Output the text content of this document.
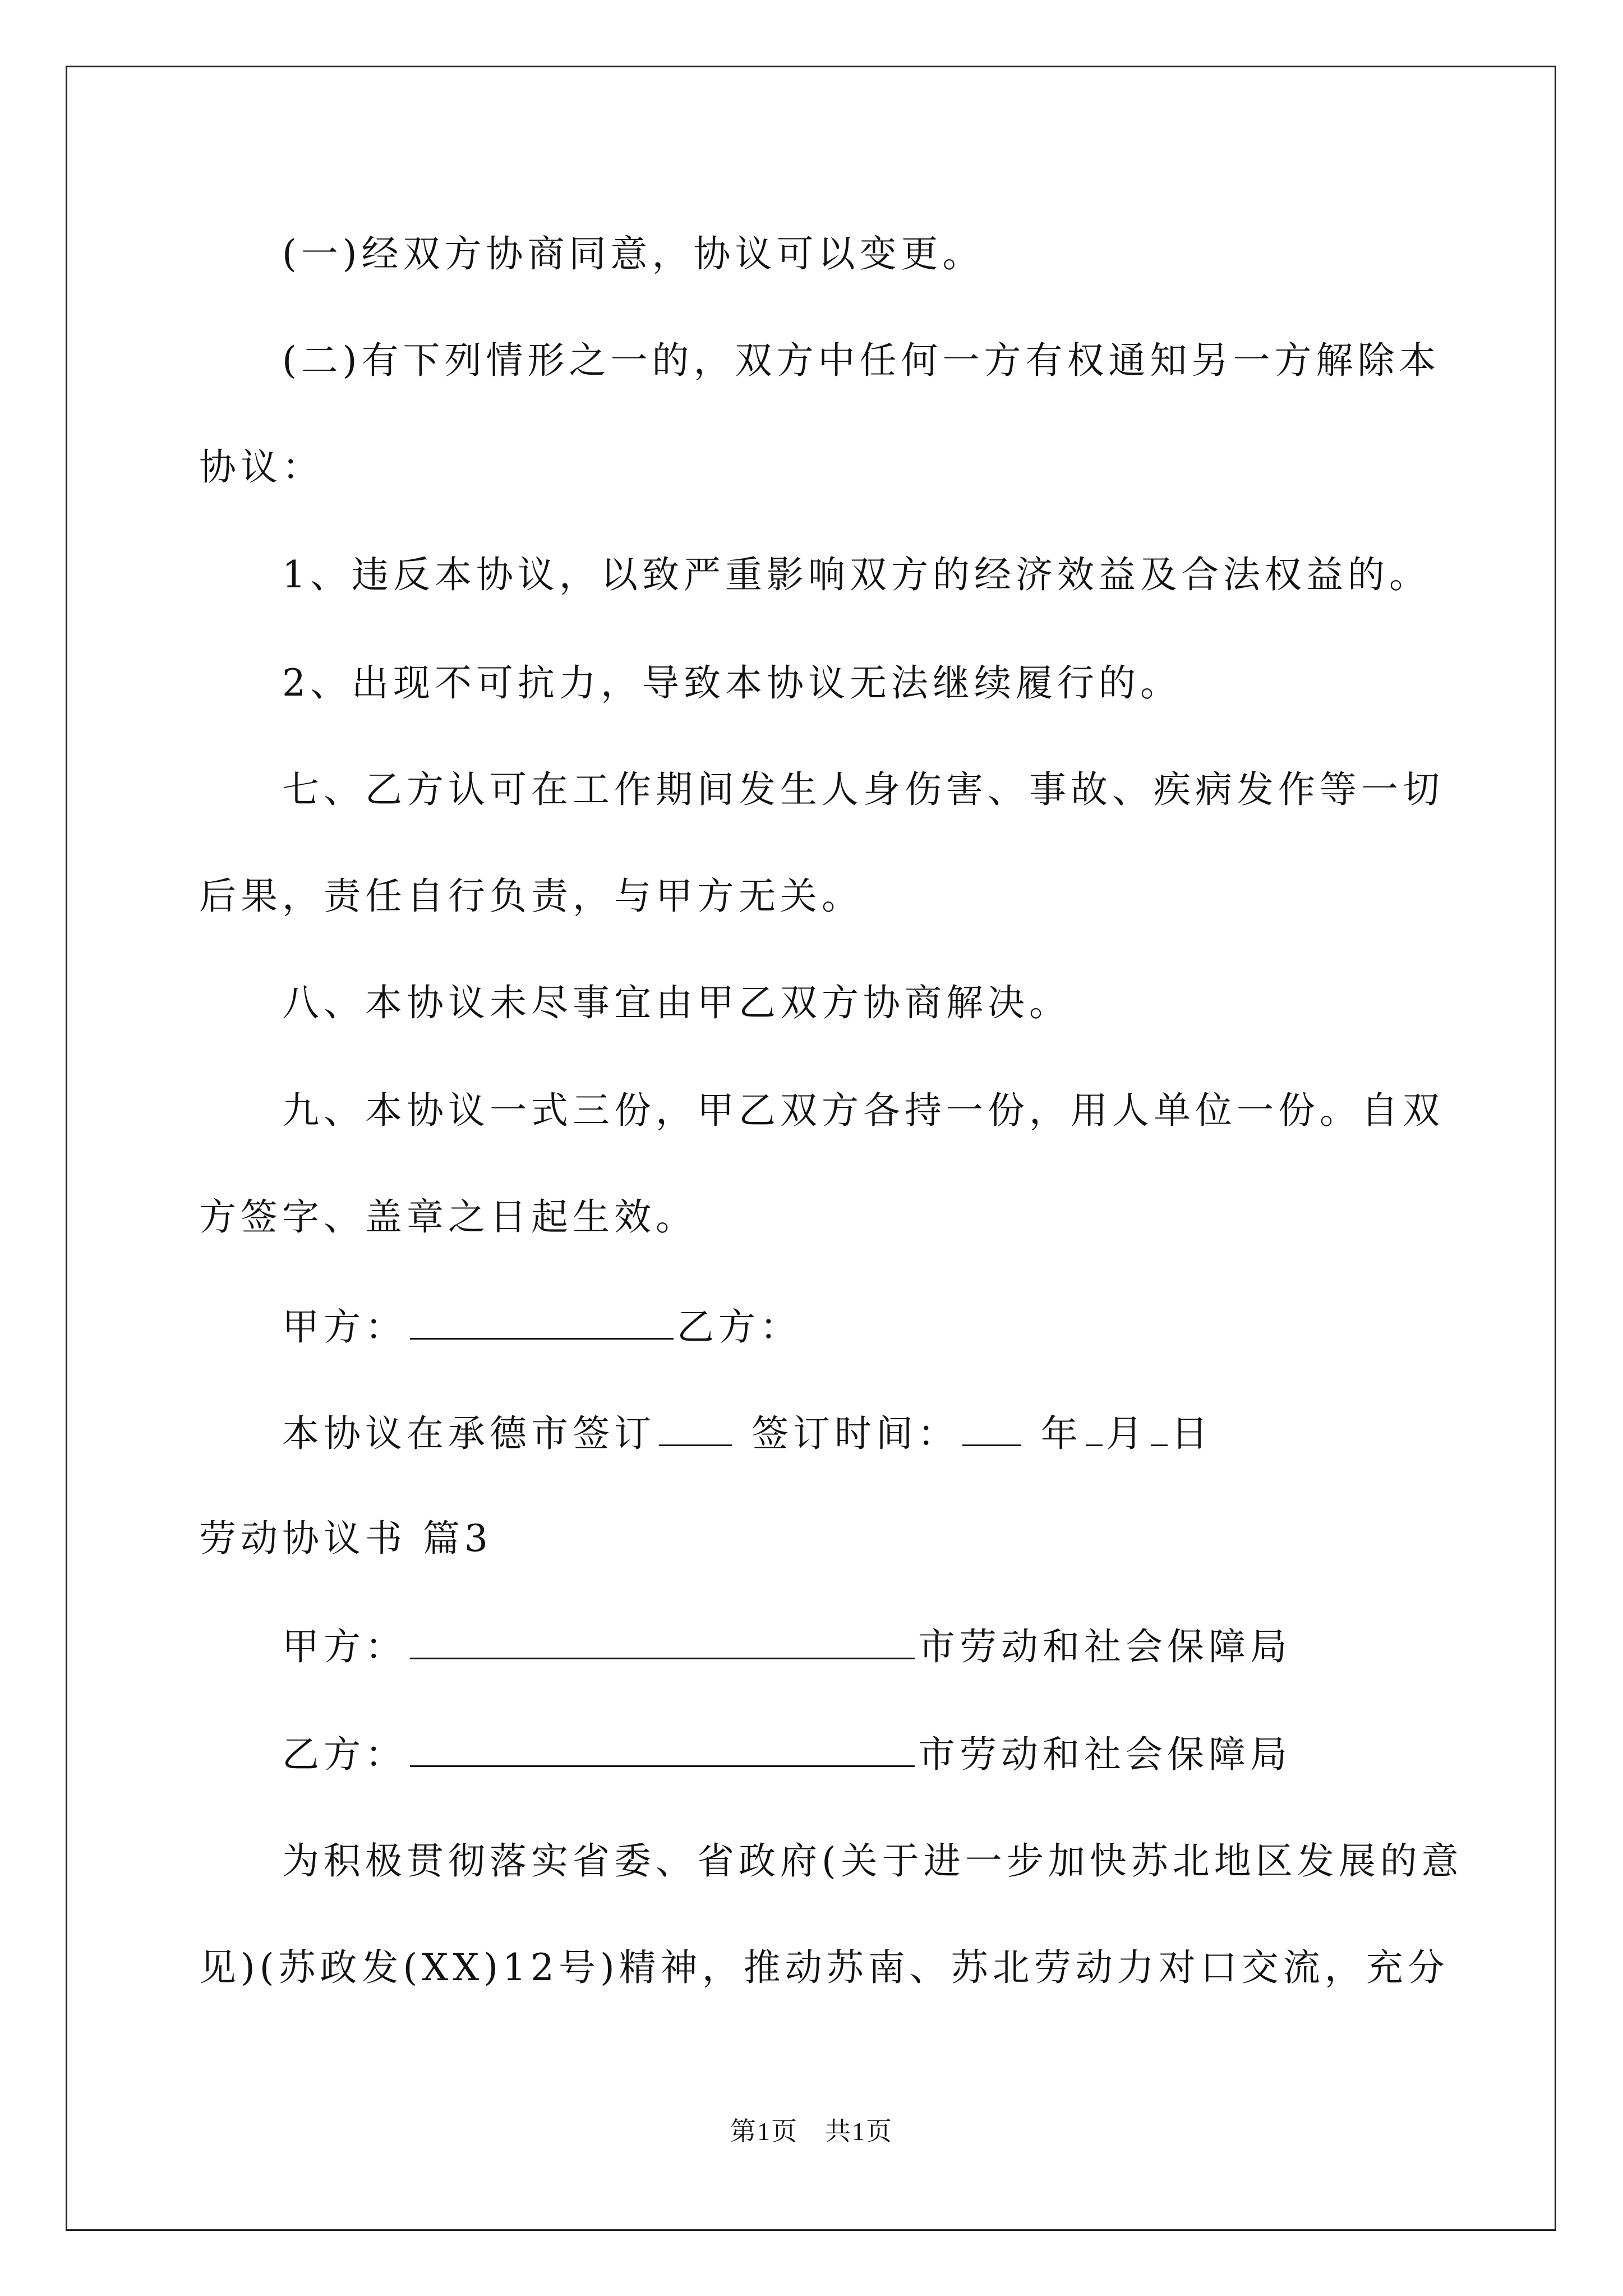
(一)经双方协商同意，协议可以变更。
(二)有下列情形之一的，双方中任何一方有权通知另一方解除本
协议：
1、违反本协议，以致严重影响双方的经济效益及合法权益的。
2、出现不可抗力，导致本协议无法继续履行的。
七、乙方认可在工作期间发生人身伤害、事故、疾病发作等一切
后果，责任自行负责，与甲方无关。
八、本协议未尽事宜由甲乙双方协商解决。
九、本协议一式三份，甲乙双方各持一份，用人单位一份。自双
方签字、盖章之日起生效。
甲方：	乙方：
本协议在承德市签订	签订时间： 年 月 日
劳动协议书 篇3
甲方：	市劳动和社会保障局
乙方：	市劳动和社会保障局
为积极贯彻落实省委、省政府(关于进一步加快苏北地区发展的意
见)(苏政发(XX)12号)精神，推动苏南、苏北劳动力对口交流，充分
第1页　共1页
